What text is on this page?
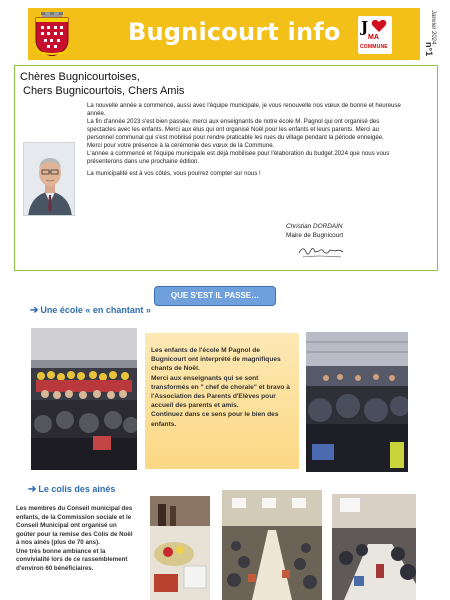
Bugnicourt info J
MA
COMMUNE
Janvier 2024
n°1
Chères Bugnicourtoises,
Chers Bugnicourtois, Chers Amis

La nouvelle année a commencé, aussi avec l'équipe municipale, je vous renouvelle nos vœux de bonne et heureuse année.

La fin d'année 2023 s'est bien passée, merci aux enseignants de notre école M. Pagnol qui ont organisé des spectacles avec les enfants. Merci aux élus qui ont organisé Noël pour les enfants et leurs parents. Merci au personnel communal qui s'est mobilisé pour rendre praticable les rues du village pendant la période enneigée.

Merci pour votre présence à la cérémonie des vœux de la Commune.

L'année a commencé et l'équipe municipale est déjà mobilisée pour l'élaboration du budget 2024 que nous vous présenterons dans une prochaine édition.

La municipalité est à vos côtés, vous pourrez compter sur nous !

Christian DORDAIN
Maire de Bugnicourt
QUE S'EST IL PASSE…
➔ Une école « en chantant »

Les enfants de l'école M Pagnol de Bugnicourt ont interprété de magnifiques chants de Noël.

Merci aux enseignants qui se sont transformés en " chef de chorale" et bravo à l'Association des Parents d'Elèves pour accueil des parents et amis.

Continuez dans ce sens pour le bien des enfants.

➔ Le colis des ainés

Les membres du Conseil municipal des enfants, de la Commission sociale et le Conseil Municipal ont organisé un goûter pour la remise des Colis de Noël à nos ainés (plus de 70 ans).

Une très bonne ambiance et la convivialité lors de ce rassemblement d'environ 60 bénéficiaires.
